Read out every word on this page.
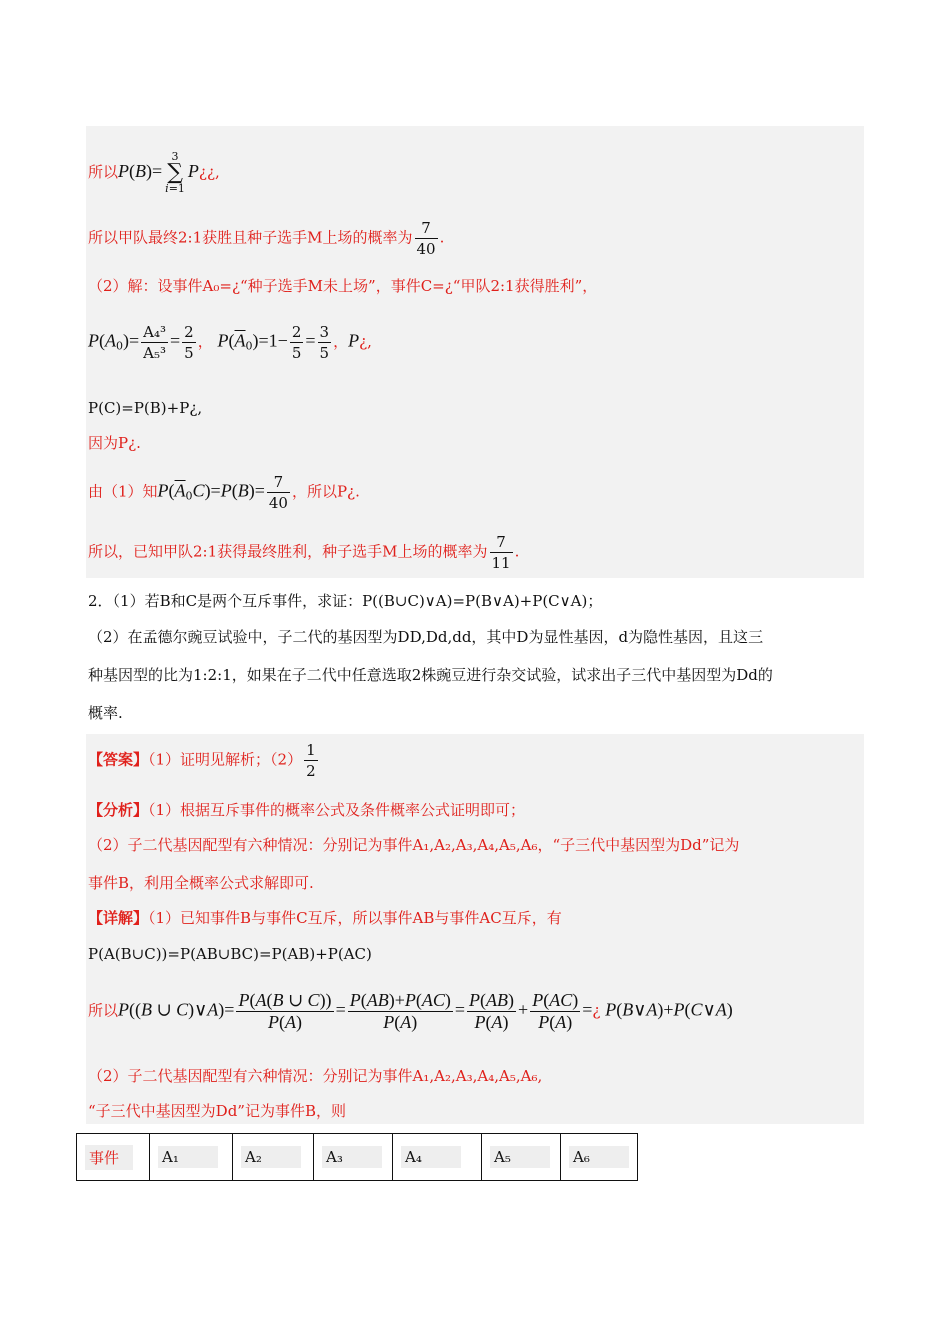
所以P(B)=
3
∑
i=1
P¿¿,
所以甲队最终2:1获胜且种子选手M上场的概率为 $\frac{7}{40}$ .
（2）解：设事件A₀=¿“种子选手M未上场”，事件C=¿“甲队2:1获得胜利”，
$P(A_0)= \frac{\text{A₄³}}{\text{A₅³}} = \frac{2}{5}$ ， $P(\overline{A}_0)=1- \frac{2}{5} = \frac{3}{5}$ ，P¿,
P(C)=P(B)+P¿,
因为P¿.
由（1）知$P(\overline{A}_0C)=P(B)= \frac{7}{40}$ ，所以P¿.
所以，已知甲队2:1获得最终胜利，种子选手M上场的概率为 $\frac{7}{11}$ .
2．（1）若B和C是两个互斥事件，求证：P((B∪C)∨A)=P(B∨A)+P(C∨A)；
（2）在孟德尔豌豆试验中，子二代的基因型为DD,Dd,dd，其中D为显性基因，d为隐性基因，且这三
种基因型的比为1:2:1，如果在子二代中任意选取2株豌豆进行杂交试验，试求出子三代中基因型为Dd的
概率.
【答案】（1）证明见解析；$(2) \frac{1}{2}$
【分析】（1）根据互斥事件的概率公式及条件概率公式证明即可；
（2）子二代基因配型有六种情况：分别记为事件A₁,A₂,A₃,A₄,A₅,A₆，“子三代中基因型为Dd”记为
事件B，利用全概率公式求解即可.
【详解】（1）已知事件B与事件C互斥，所以事件AB与事件AC互斥，有
P(A(B∪C))=P(AB∪BC)=P(AB)+P(AC)
所以P((B ∪ C)∨A)= $\frac{P(A(B \cup C))}{P(A)} = \frac{P(AB)+P(AC)}{P(A)} = \frac{P(AB)}{P(A)} + \frac{P(AC)}{P(A)}$ =¿ P(B∨A)+P(C∨A)
（2）子二代基因配型有六种情况：分别记为事件A₁,A₂,A₃,A₄,A₅,A₆,
“子三代中基因型为Dd”记为事件B，则
事件	A₁	A₂	A₃	A₄	A₅	A₆
